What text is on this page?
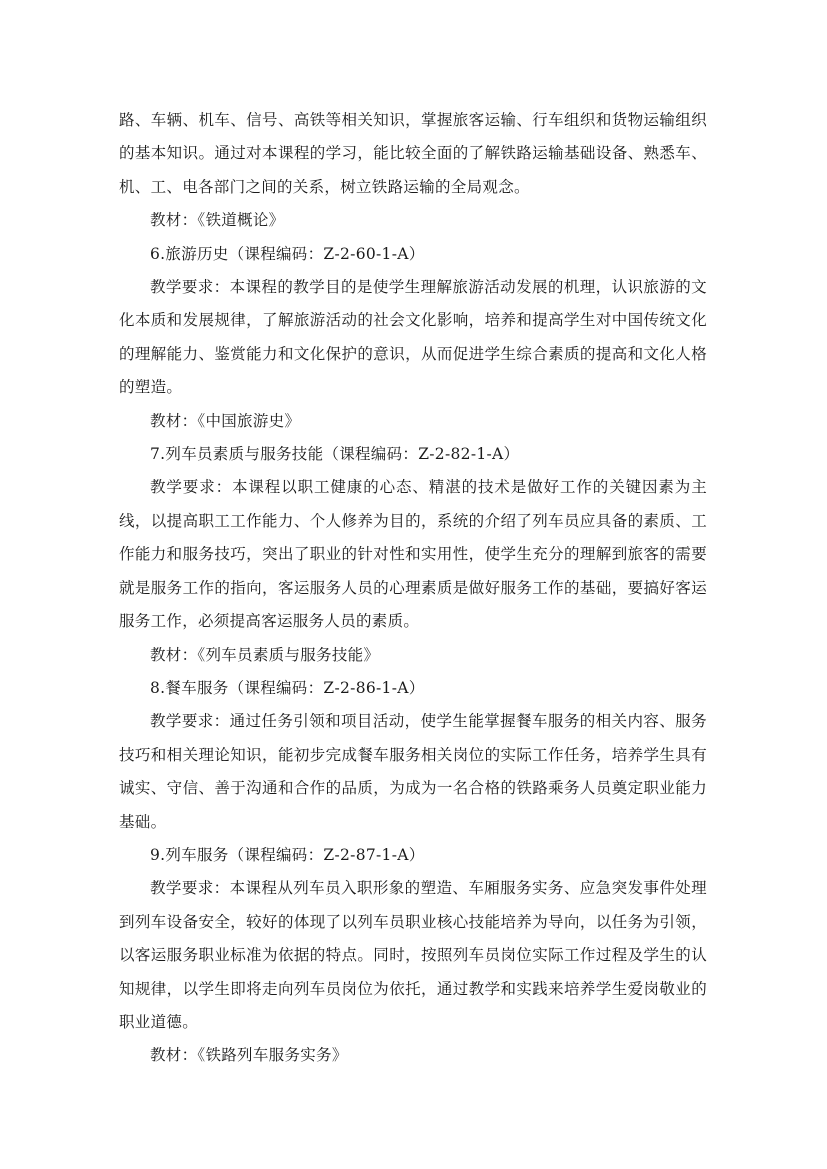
路、车辆、机车、信号、高铁等相关知识，掌握旅客运输、行车组织和货物运输组织的基本知识。通过对本课程的学习，能比较全面的了解铁路运输基础设备、熟悉车、机、工、电各部门之间的关系，树立铁路运输的全局观念。

教材：《铁道概论》

6.旅游历史（课程编码：Z-2-60-1-A）

教学要求：本课程的教学目的是使学生理解旅游活动发展的机理，认识旅游的文化本质和发展规律，了解旅游活动的社会文化影响，培养和提高学生对中国传统文化的理解能力、鉴赏能力和文化保护的意识，从而促进学生综合素质的提高和文化人格的塑造。

教材：《中国旅游史》

7.列车员素质与服务技能（课程编码：Z-2-82-1-A）

教学要求：本课程以职工健康的心态、精湛的技术是做好工作的关键因素为主线，以提高职工工作能力、个人修养为目的，系统的介绍了列车员应具备的素质、工作能力和服务技巧，突出了职业的针对性和实用性，使学生充分的理解到旅客的需要就是服务工作的指向，客运服务人员的心理素质是做好服务工作的基础，要搞好客运服务工作，必须提高客运服务人员的素质。

教材：《列车员素质与服务技能》

8.餐车服务（课程编码：Z-2-86-1-A）

教学要求：通过任务引领和项目活动，使学生能掌握餐车服务的相关内容、服务技巧和相关理论知识，能初步完成餐车服务相关岗位的实际工作任务，培养学生具有诚实、守信、善于沟通和合作的品质，为成为一名合格的铁路乘务人员奠定职业能力基础。

9.列车服务（课程编码：Z-2-87-1-A）

教学要求：本课程从列车员入职形象的塑造、车厢服务实务、应急突发事件处理到列车设备安全，较好的体现了以列车员职业核心技能培养为导向，以任务为引领，以客运服务职业标准为依据的特点。同时，按照列车员岗位实际工作过程及学生的认知规律，以学生即将走向列车员岗位为依托，通过教学和实践来培养学生爱岗敬业的职业道德。

教材：《铁路列车服务实务》
